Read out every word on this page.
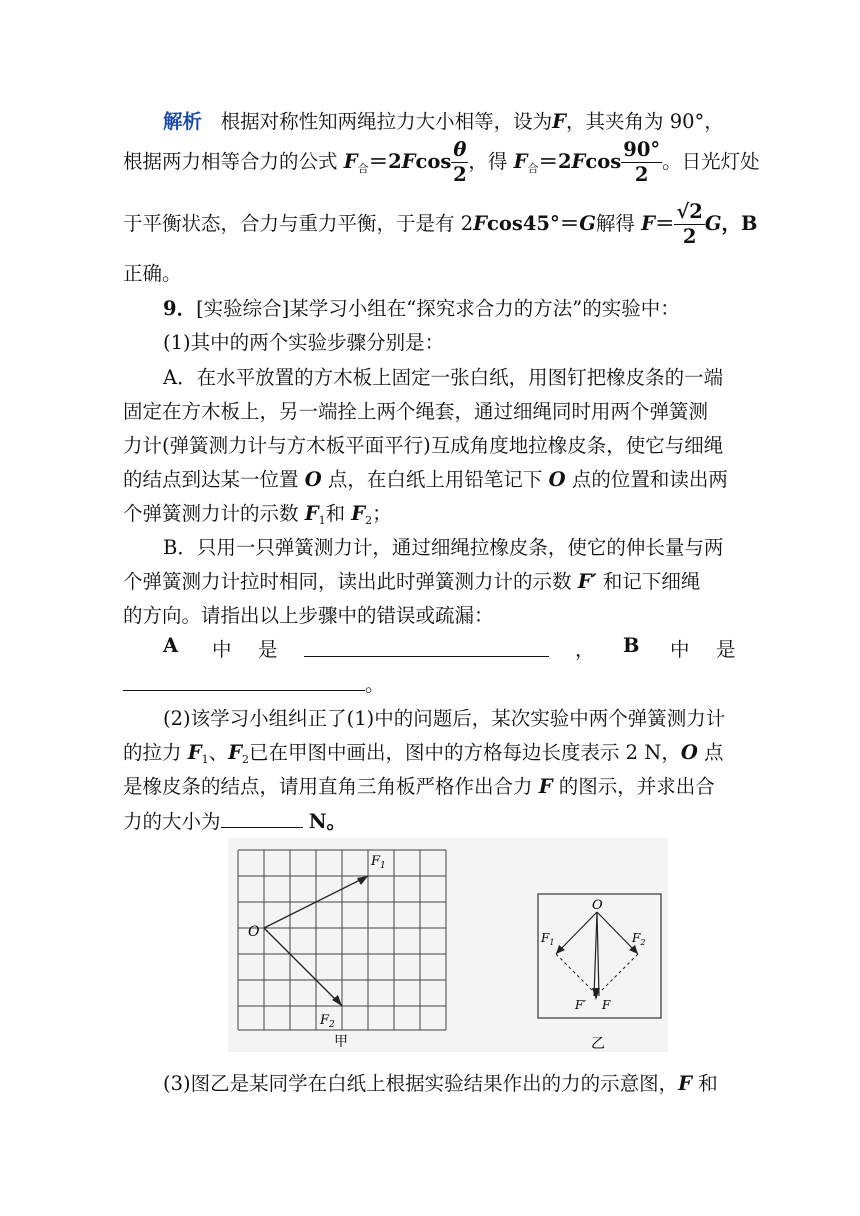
解析 根据对称性知两绳拉力大小相等，设为F，其夹角为 90°，
根据两力相等合力的公式 $F_合=2Fcos \frac{\theta}{2}$ ，得 $F_合=2Fcos \frac{90^\circ}{2}$ 。日光灯处
于平衡状态，合力与重力平衡，于是有 2Fcos45°＝G解得 $F= \frac{√2}{2}$ G，B
正确。
9．[实验综合]某学习小组在“探究求合力的方法”的实验中：
(1)其中的两个实验步骤分别是：
A．在水平放置的方木板上固定一张白纸，用图钉把橡皮条的一端
固定在方木板上，另一端拴上两个绳套，通过细绳同时用两个弹簧测
力计(弹簧测力计与方木板平面平行)互成角度地拉橡皮条，使它与细绳
的结点到达某一位置 O 点，在白纸上用铅笔记下 O 点的位置和读出两
个弹簧测力计的示数 $F_1$和 $F_2$；
B．只用一只弹簧测力计，通过细绳拉橡皮条，使它的伸长量与两
个弹簧测力计拉时相同，读出此时弹簧测力计的示数 F′ 和记下细绳
的方向。请指出以上步骤中的错误或疏漏：
A 中 是	， B 中 是
。
(2)该学习小组纠正了(1)中的问题后，某次实验中两个弹簧测力计
的拉力 $F_1$、$F_2$已在甲图中画出，图中的方格每边长度表示 2 N，O 点
是橡皮条的结点，请用直角三角板严格作出合力 F 的图示，并求出合
力的大小为	N。
O
$F_1$
$F_2$
甲
O
$F_1$	$F_2$
F′ F
乙
(3)图乙是某同学在白纸上根据实验结果作出的力的示意图，F 和
